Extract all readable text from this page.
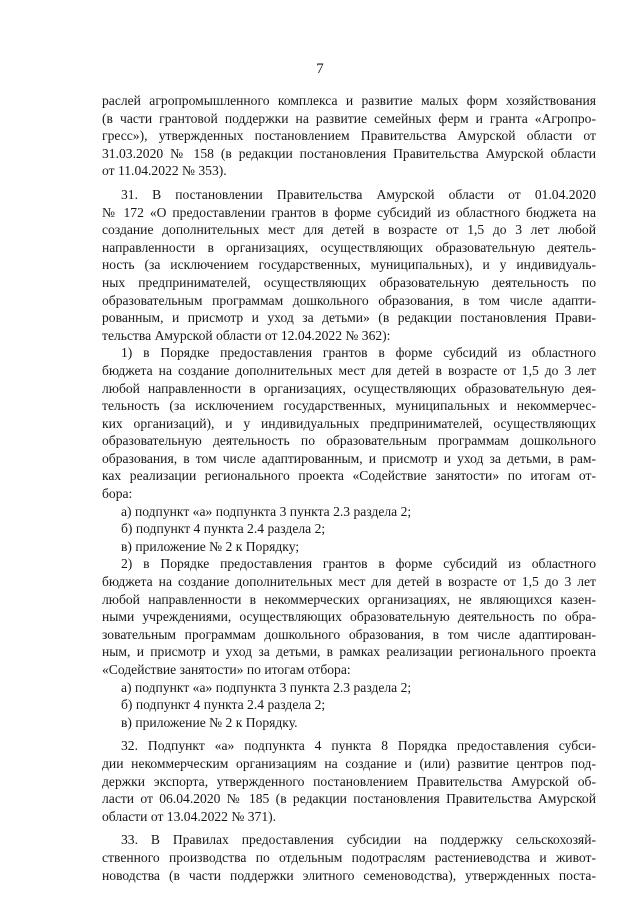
7
раслей агропромышленного комплекса и развитие малых форм хозяйствования
(в части грантовой поддержки на развитие семейных ферм и гранта «Агропро-
гресс»), утвержденных постановлением Правительства Амурской области от
31.03.2020 № 158 (в редакции постановления Правительства Амурской области
от 11.04.2022 № 353).
31. В постановлении Правительства Амурской области от 01.04.2020
№ 172 «О предоставлении грантов в форме субсидий из областного бюджета на
создание дополнительных мест для детей в возрасте от 1,5 до 3 лет любой
направленности в организациях, осуществляющих образовательную деятель-
ность (за исключением государственных, муниципальных), и у индивидуаль-
ных предпринимателей, осуществляющих образовательную деятельность по
образовательным программам дошкольного образования, в том числе адапти-
рованным, и присмотр и уход за детьми» (в редакции постановления Прави-
тельства Амурской области от 12.04.2022 № 362):
1) в Порядке предоставления грантов в форме субсидий из областного
бюджета на создание дополнительных мест для детей в возрасте от 1,5 до 3 лет
любой направленности в организациях, осуществляющих образовательную дея-
тельность (за исключением государственных, муниципальных и некоммерчес-
ких организаций), и у индивидуальных предпринимателей, осуществляющих
образовательную деятельность по образовательным программам дошкольного
образования, в том числе адаптированным, и присмотр и уход за детьми, в рам-
ках реализации регионального проекта «Содействие занятости» по итогам от-
бора:
а) подпункт «а» подпункта 3 пункта 2.3 раздела 2;
б) подпункт 4 пункта 2.4 раздела 2;
в) приложение № 2 к Порядку;
2) в Порядке предоставления грантов в форме субсидий из областного
бюджета на создание дополнительных мест для детей в возрасте от 1,5 до 3 лет
любой направленности в некоммерческих организациях, не являющихся казен-
ными учреждениями, осуществляющих образовательную деятельность по обра-
зовательным программам дошкольного образования, в том числе адаптирован-
ным, и присмотр и уход за детьми, в рамках реализации регионального проекта
«Содействие занятости» по итогам отбора:
а) подпункт «а» подпункта 3 пункта 2.3 раздела 2;
б) подпункт 4 пункта 2.4 раздела 2;
в) приложение № 2 к Порядку.
32. Подпункт «а» подпункта 4 пункта 8 Порядка предоставления субси-
дии некоммерческим организациям на создание и (или) развитие центров под-
держки экспорта, утвержденного постановлением Правительства Амурской об-
ласти от 06.04.2020 № 185 (в редакции постановления Правительства Амурской
области от 13.04.2022 № 371).
33. В Правилах предоставления субсидии на поддержку сельскохозяй-
ственного производства по отдельным подотраслям растениеводства и живот-
новодства (в части поддержки элитного семеноводства), утвержденных поста-
